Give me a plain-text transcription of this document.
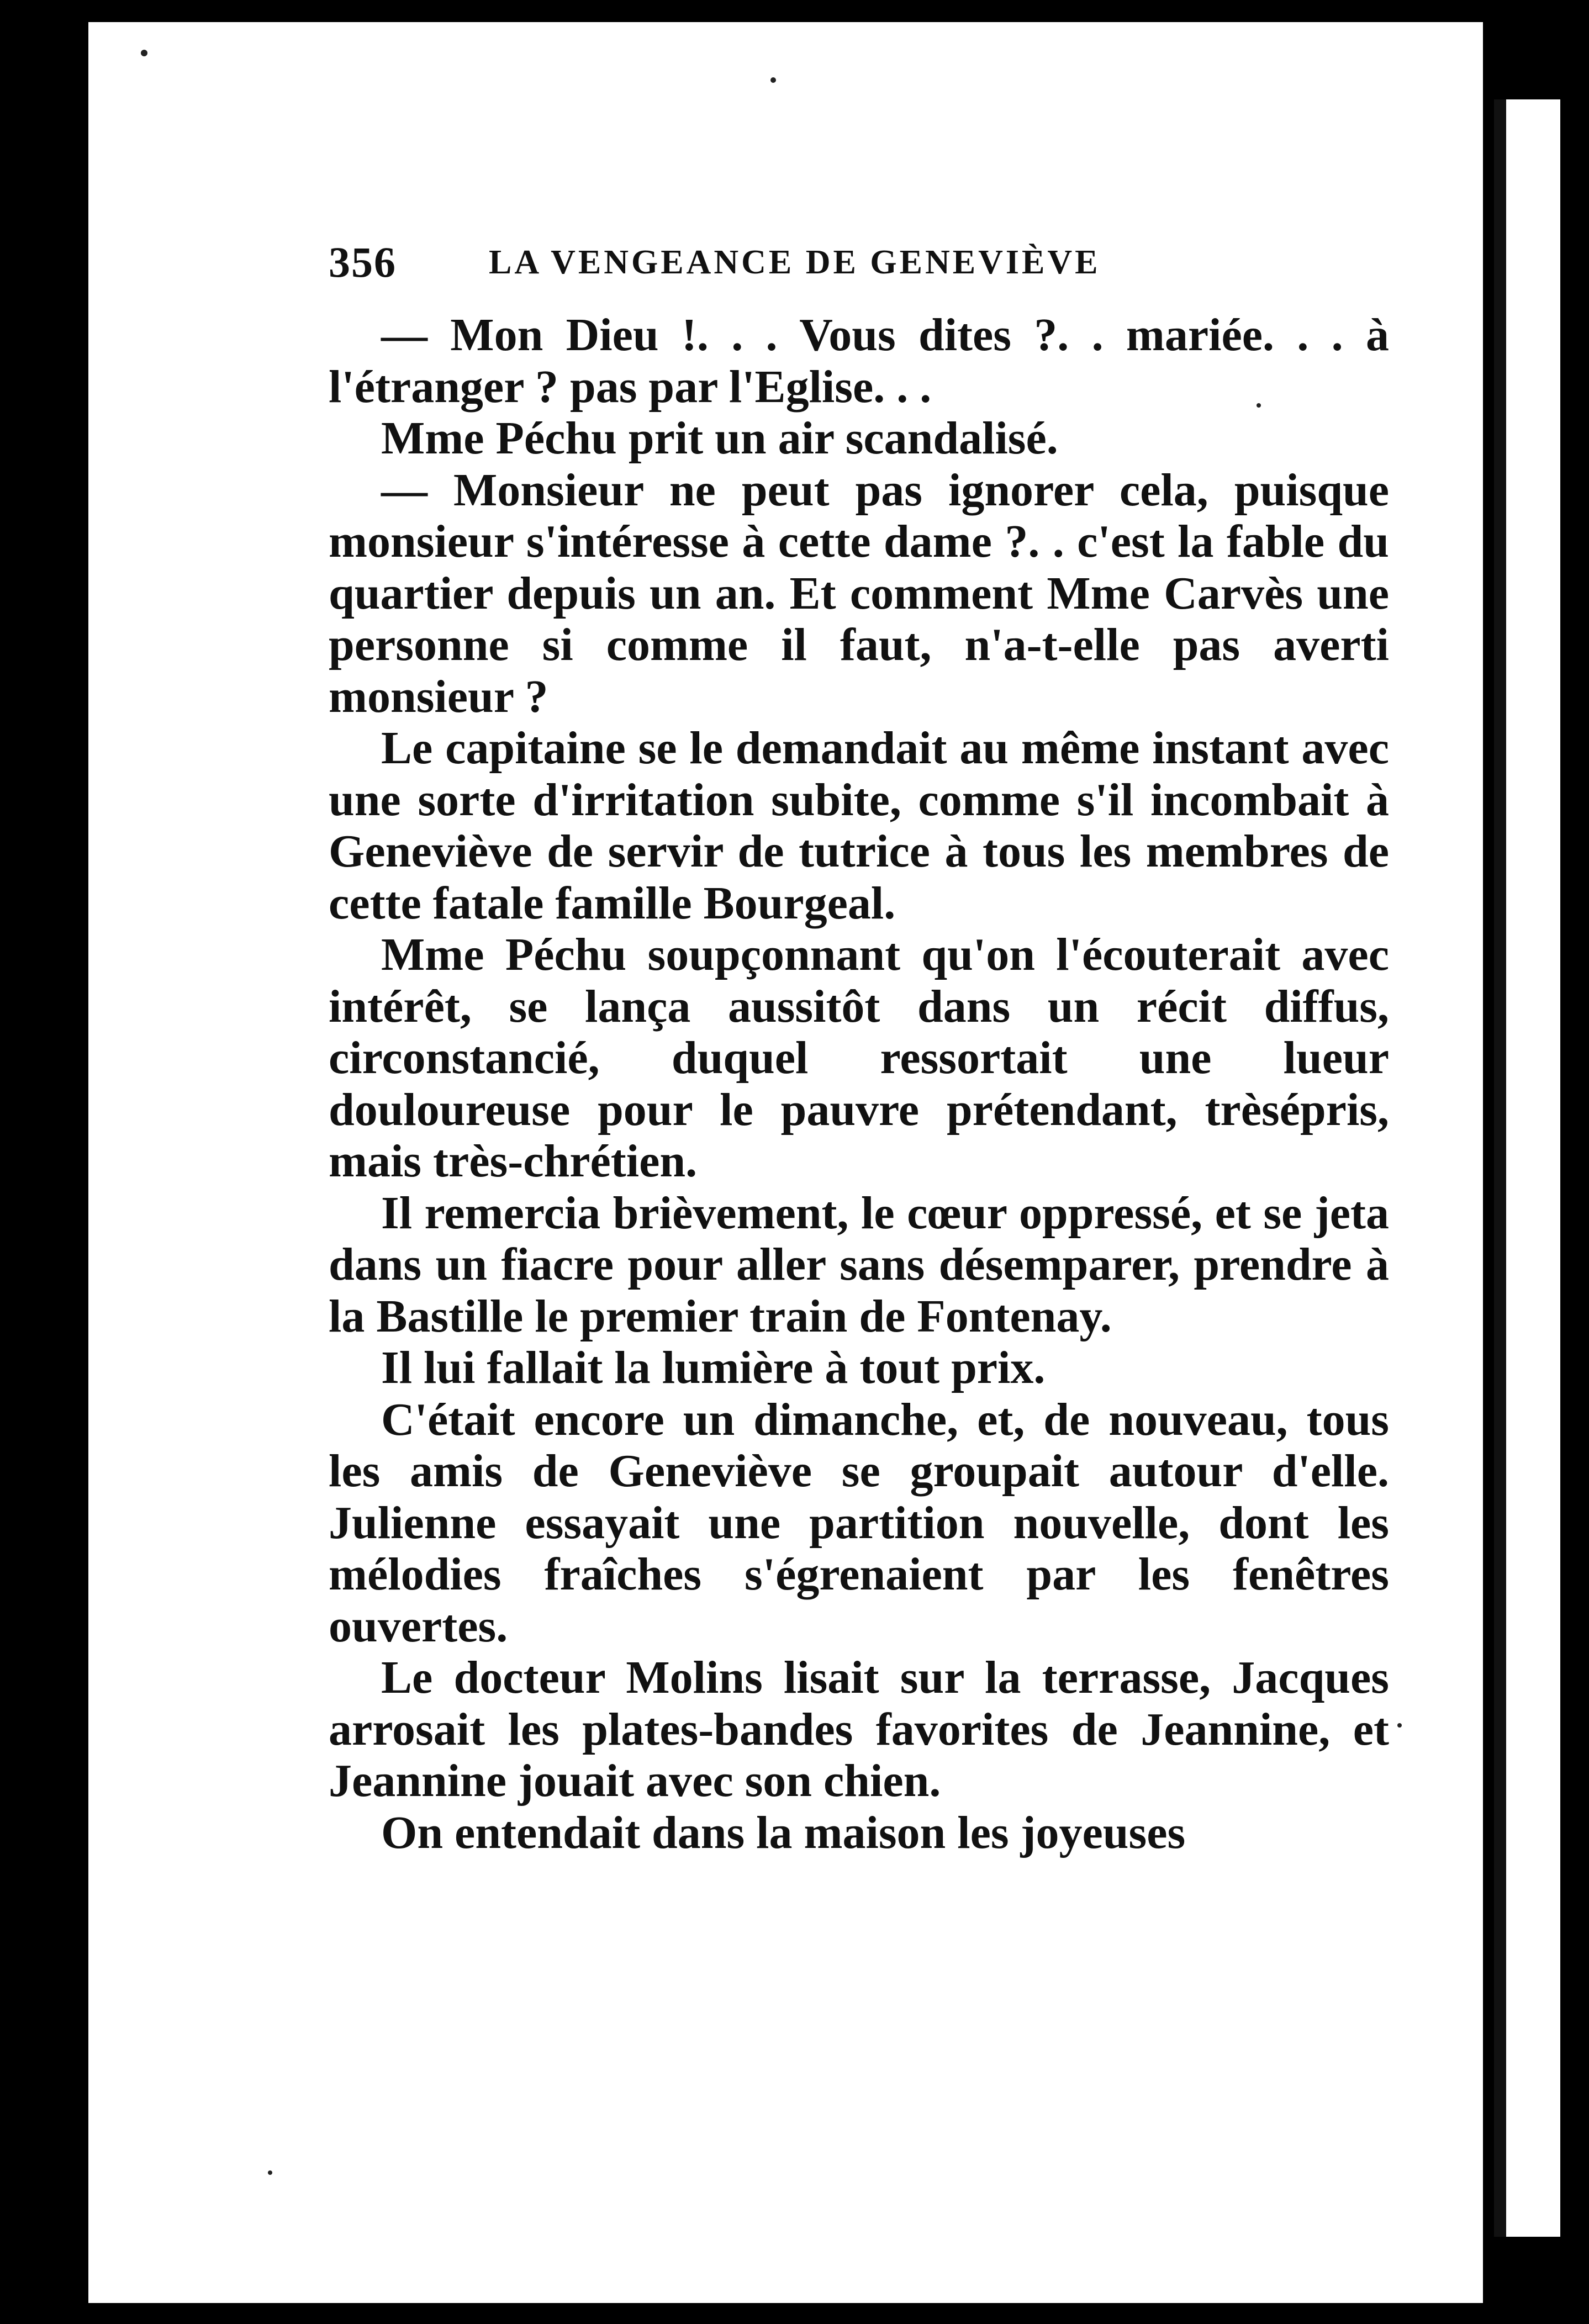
356	LA VENGEANCE DE GENEVIÈVE

— Mon Dieu !. . . Vous dites ?. . mariée. . . à l'étranger ? pas par l'Eglise. . .

Mme Péchu prit un air scandalisé.

— Monsieur ne peut pas ignorer cela, puisque monsieur s'intéresse à cette dame ?. . c'est la fable du quartier depuis un an. Et comment Mme Carvès une personne si comme il faut, n'a-t-elle pas averti monsieur ?

Le capitaine se le demandait au même instant avec une sorte d'irritation subite, comme s'il incombait à Geneviève de servir de tutrice à tous les membres de cette fatale famille Bourgeal.

Mme Péchu soupçonnant qu'on l'écouterait avec intérêt, se lança aussitôt dans un récit diffus, circonstancié, duquel ressortait une lueur douloureuse pour le pauvre prétendant, trèsépris, mais très-chrétien.

Il remercia brièvement, le cœur oppressé, et se jeta dans un fiacre pour aller sans désemparer, prendre à la Bastille le premier train de Fontenay.

Il lui fallait la lumière à tout prix.

C'était encore un dimanche, et, de nouveau, tous les amis de Geneviève se groupait autour d'elle. Julienne essayait une partition nouvelle, dont les mélodies fraîches s'égrenaient par les fenêtres ouvertes.

Le docteur Molins lisait sur la terrasse, Jacques arrosait les plates-bandes favorites de Jeannine, et Jeannine jouait avec son chien.

On entendait dans la maison les joyeuses
